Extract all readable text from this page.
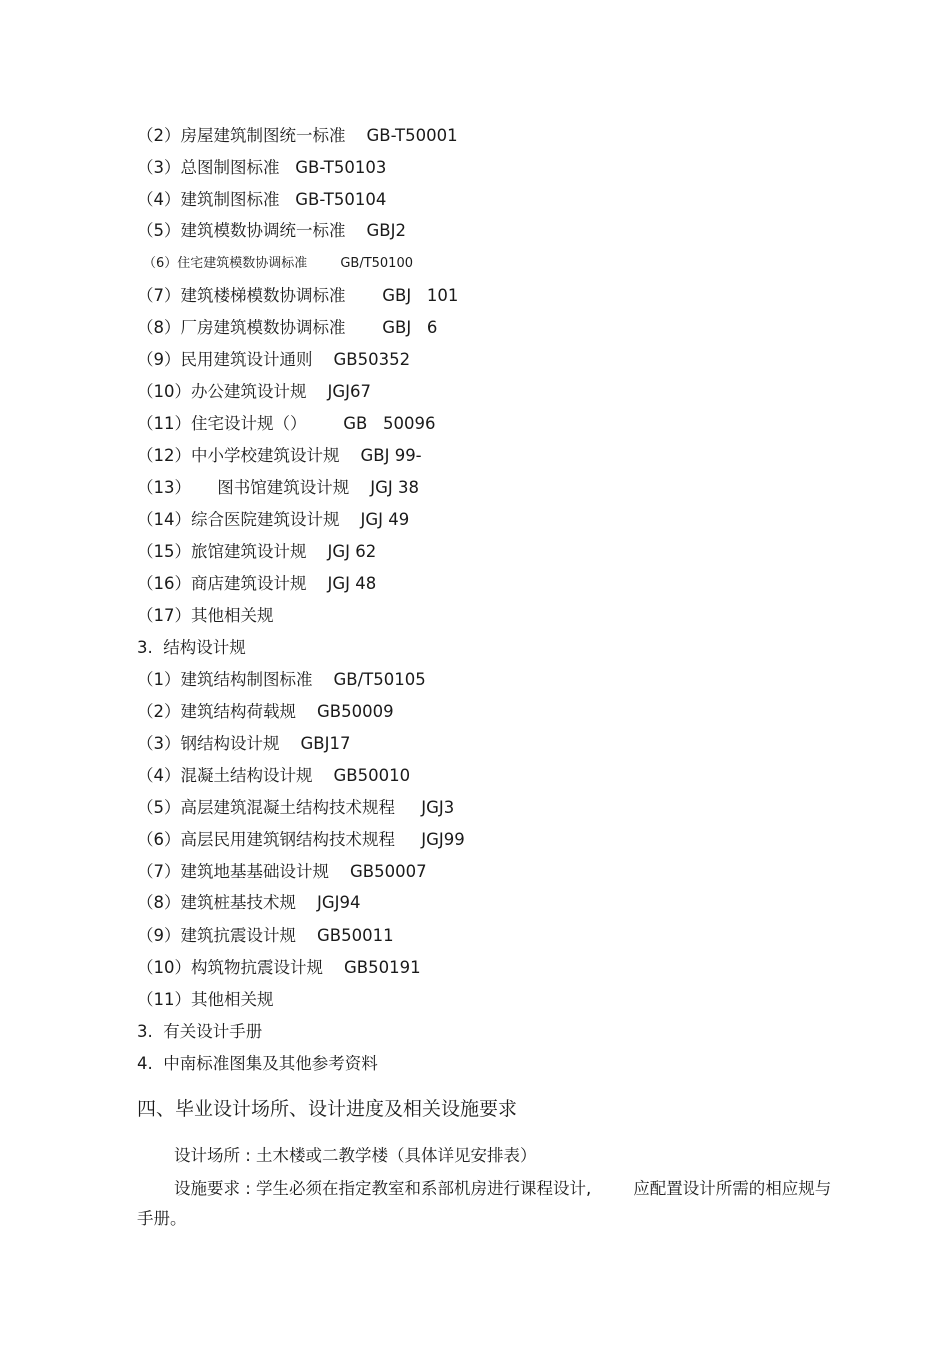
（2）房屋建筑制图统一标准    GB-T50001
（3）总图制图标准   GB-T50103
（4）建筑制图标准   GB-T50104
（5）建筑模数协调统一标准    GBJ2
（6）住宅建筑模数协调标准        GB/T50100
（7）建筑楼梯模数协调标准       GBJ   101
（8）厂房建筑模数协调标准       GBJ   6
（9）民用建筑设计通则    GB50352
（10）办公建筑设计规    JGJ67
（11）住宅设计规（）       GB   50096
（12）中小学校建筑设计规    GBJ 99-
（13）     图书馆建筑设计规    JGJ 38
（14）综合医院建筑设计规    JGJ 49
（15）旅馆建筑设计规    JGJ 62
（16）商店建筑设计规    JGJ 48
（17）其他相关规
3.  结构设计规
（1）建筑结构制图标准    GB/T50105
（2）建筑结构荷载规    GB50009
（3）钢结构设计规    GBJ17
（4）混凝土结构设计规    GB50010
（5）高层建筑混凝土结构技术规程     JGJ3
（6）高层民用建筑钢结构技术规程     JGJ99
（7）建筑地基基础设计规    GB50007
（8）建筑桩基技术规    JGJ94
（9）建筑抗震设计规    GB50011
（10）构筑物抗震设计规    GB50191
（11）其他相关规
3.  有关设计手册
4.  中南标准图集及其他参考资料
四、毕业设计场所、设计进度及相关设施要求
设计场所 : 土木楼或二教学楼（具体详见安排表）
设施要求 : 学生必须在指定教室和系部机房进行课程设计,        应配置设计所需的相应规与手册。
